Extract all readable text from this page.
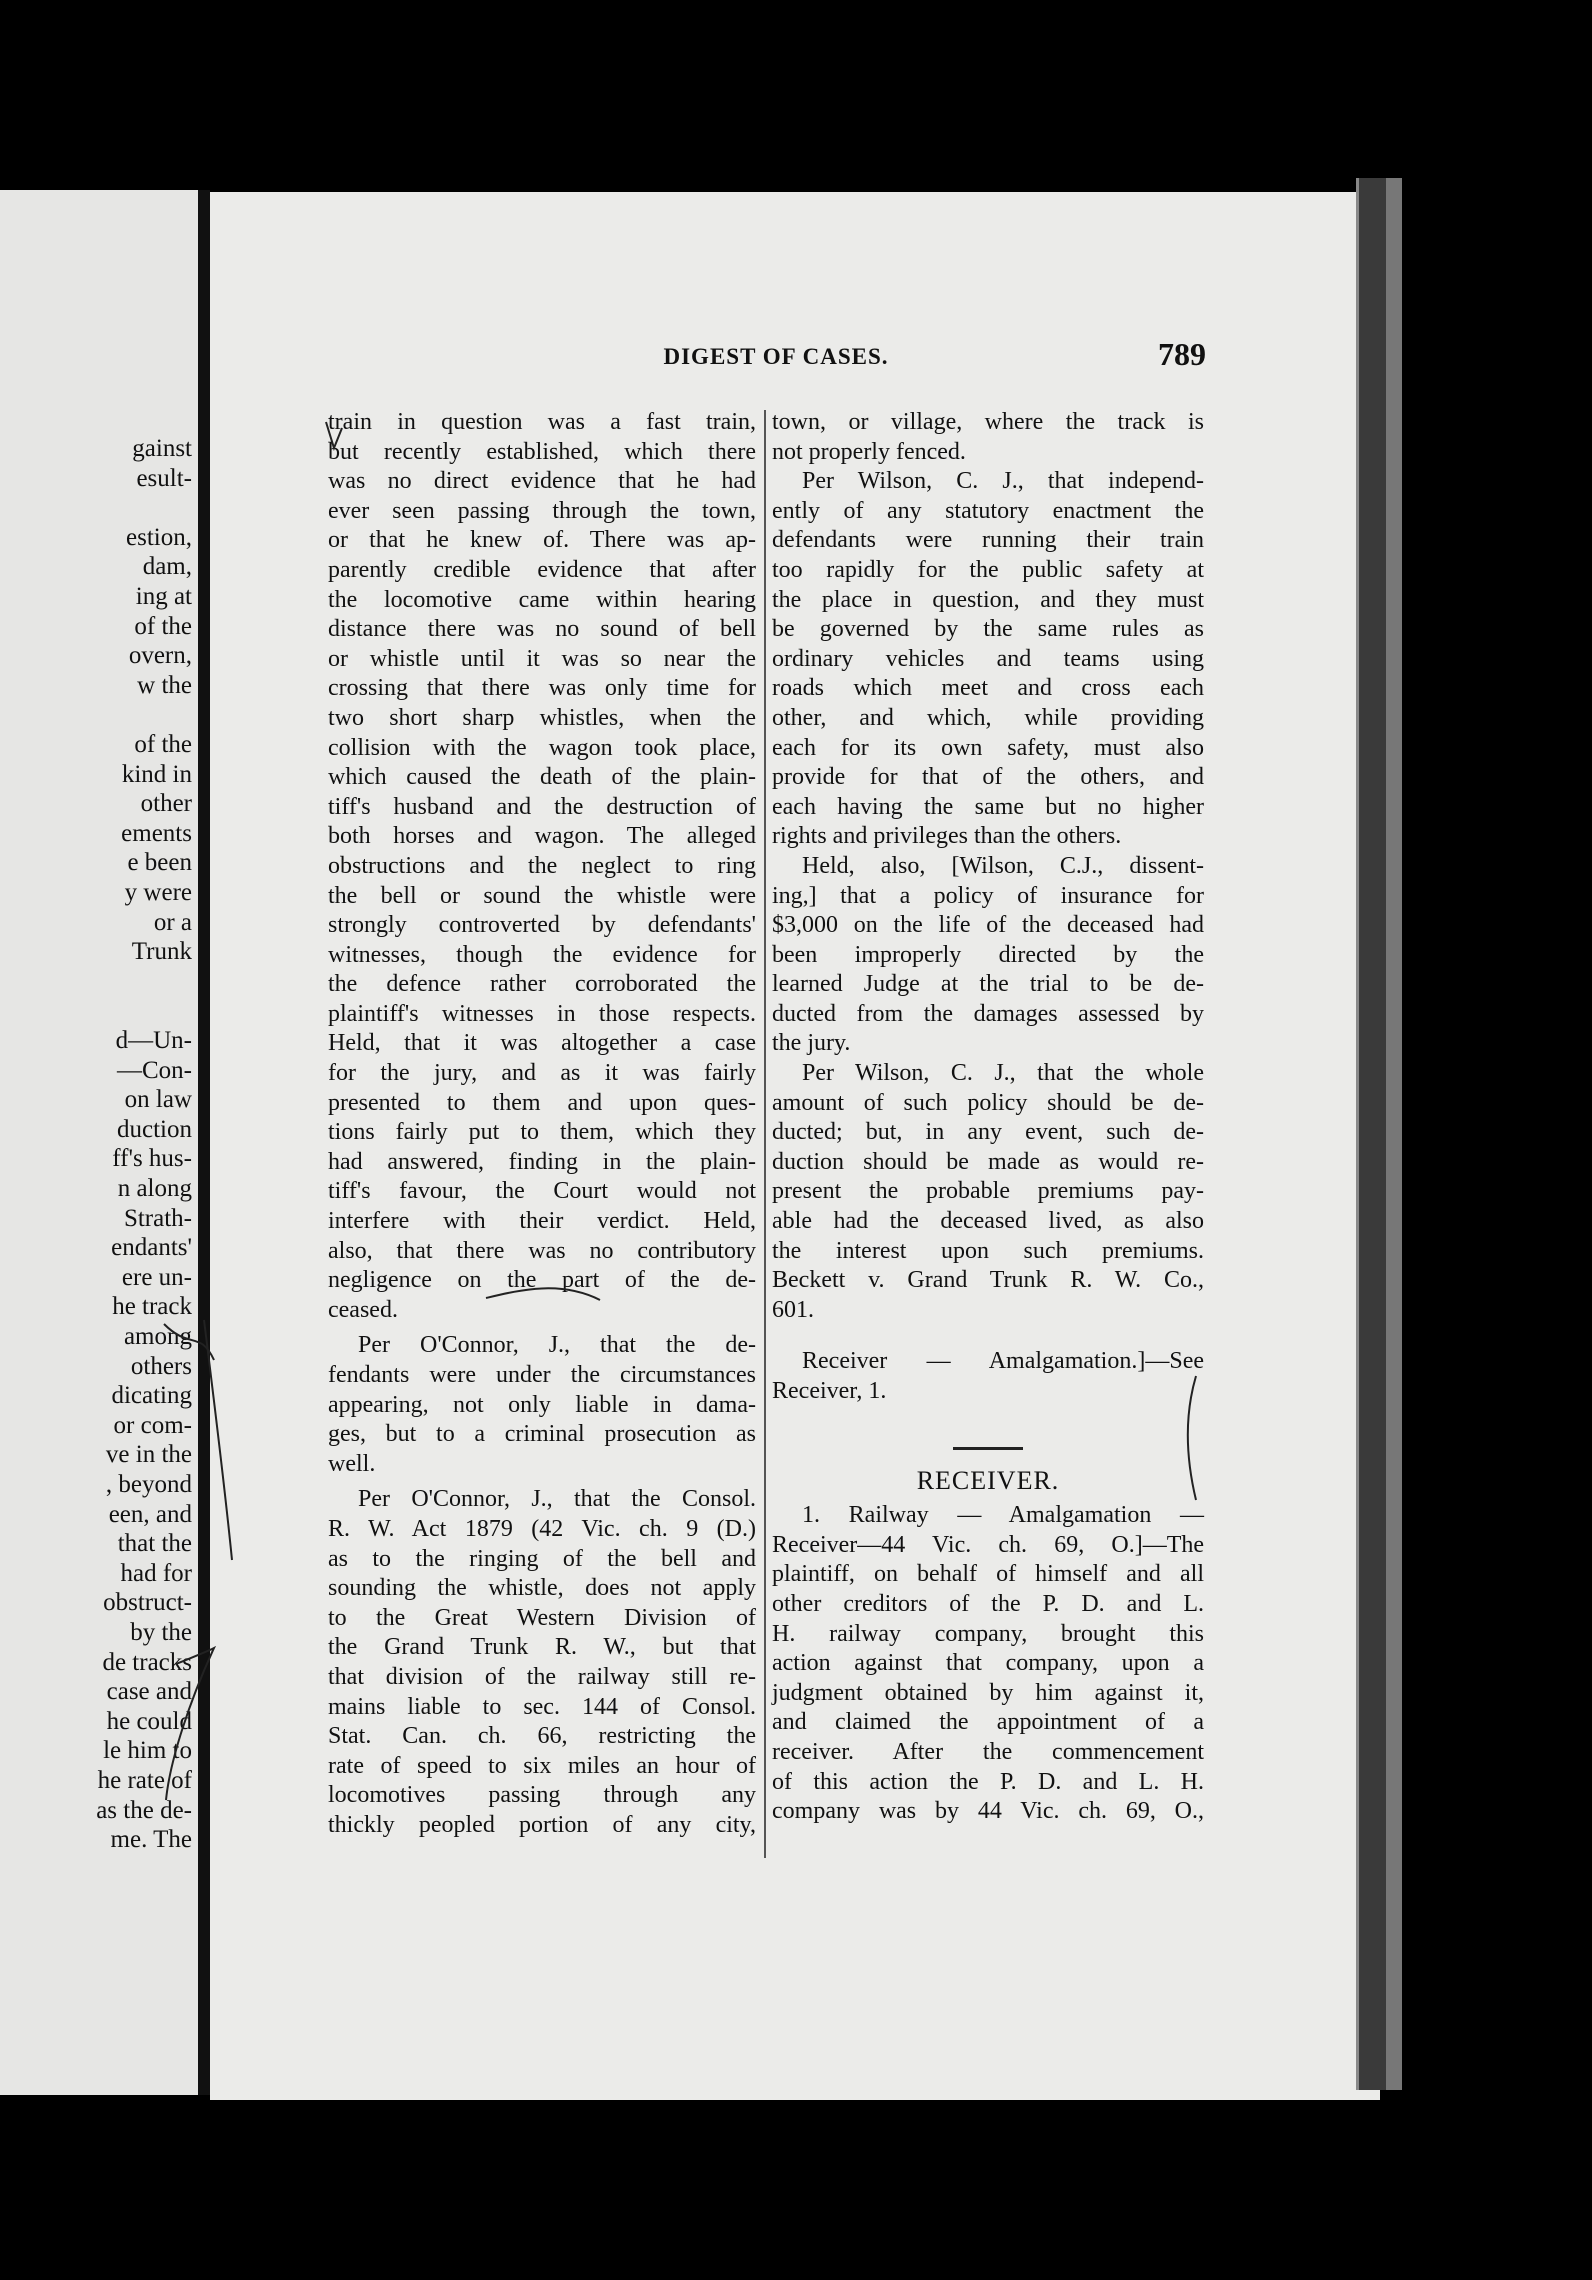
gainst
esult-
estion,
dam,
ing at
of the
overn,
w the
of the
kind in
other
ements
e been
y were
or a
Trunk
d—Un-
—Con-
on law
duction
ff's hus-
n along
Strath-
endants'
ere un-
he track
among
others
dicating
or com-
ve in the
, beyond
een, and
that the
had for
obstruct-
by the
de tracks
case and
he could
le him to
he rate of
as the de-
me. The
DIGEST OF CASES.	789
train in question was a fast train,
but recently established, which there
was no direct evidence that he had
ever seen passing through the town,
or that he knew of. There was ap-
parently credible evidence that after
the locomotive came within hearing
distance there was no sound of bell
or whistle until it was so near the
crossing that there was only time for
two short sharp whistles, when the
collision with the wagon took place,
which caused the death of the plain-
tiff's husband and the destruction of
both horses and wagon. The alleged
obstructions and the neglect to ring
the bell or sound the whistle were
strongly controverted by defendants'
witnesses, though the evidence for
the defence rather corroborated the
plaintiff's witnesses in those respects.
Held, that it was altogether a case
for the jury, and as it was fairly
presented to them and upon ques-
tions fairly put to them, which they
had answered, finding in the plain-
tiff's favour, the Court would not
interfere with their verdict. Held,
also, that there was no contributory
negligence on the part of the de-
ceased.
Per O'Connor, J., that the de-
fendants were under the circumstances
appearing, not only liable in dama-
ges, but to a criminal prosecution as
well.
Per O'Connor, J., that the Consol.
R. W. Act 1879 (42 Vic. ch. 9 (D.)
as to the ringing of the bell and
sounding the whistle, does not apply
to the Great Western Division of
the Grand Trunk R. W., but that
that division of the railway still re-
mains liable to sec. 144 of Consol.
Stat. Can. ch. 66, restricting the
rate of speed to six miles an hour of
locomotives passing through any
thickly peopled portion of any city,
town, or village, where the track is
not properly fenced.
Per Wilson, C. J., that independ-
ently of any statutory enactment the
defendants were running their train
too rapidly for the public safety at
the place in question, and they must
be governed by the same rules as
ordinary vehicles and teams using
roads which meet and cross each
other, and which, while providing
each for its own safety, must also
provide for that of the others, and
each having the same but no higher
rights and privileges than the others.
Held, also, [Wilson, C.J., dissent-
ing,] that a policy of insurance for
$3,000 on the life of the deceased had
been improperly directed by the
learned Judge at the trial to be de-
ducted from the damages assessed by
the jury.
Per Wilson, C. J., that the whole
amount of such policy should be de-
ducted; but, in any event, such de-
duction should be made as would re-
present the probable premiums pay-
able had the deceased lived, as also
the interest upon such premiums.
Beckett v. Grand Trunk R. W. Co.,
601.
Receiver — Amalgamation.]—See
Receiver, 1.
RECEIVER.
1. Railway — Amalgamation —
Receiver—44 Vic. ch. 69, O.]—The
plaintiff, on behalf of himself and all
other creditors of the P. D. and L.
H. railway company, brought this
action against that company, upon a
judgment obtained by him against it,
and claimed the appointment of a
receiver. After the commencement
of this action the P. D. and L. H.
company was by 44 Vic. ch. 69, O.,
